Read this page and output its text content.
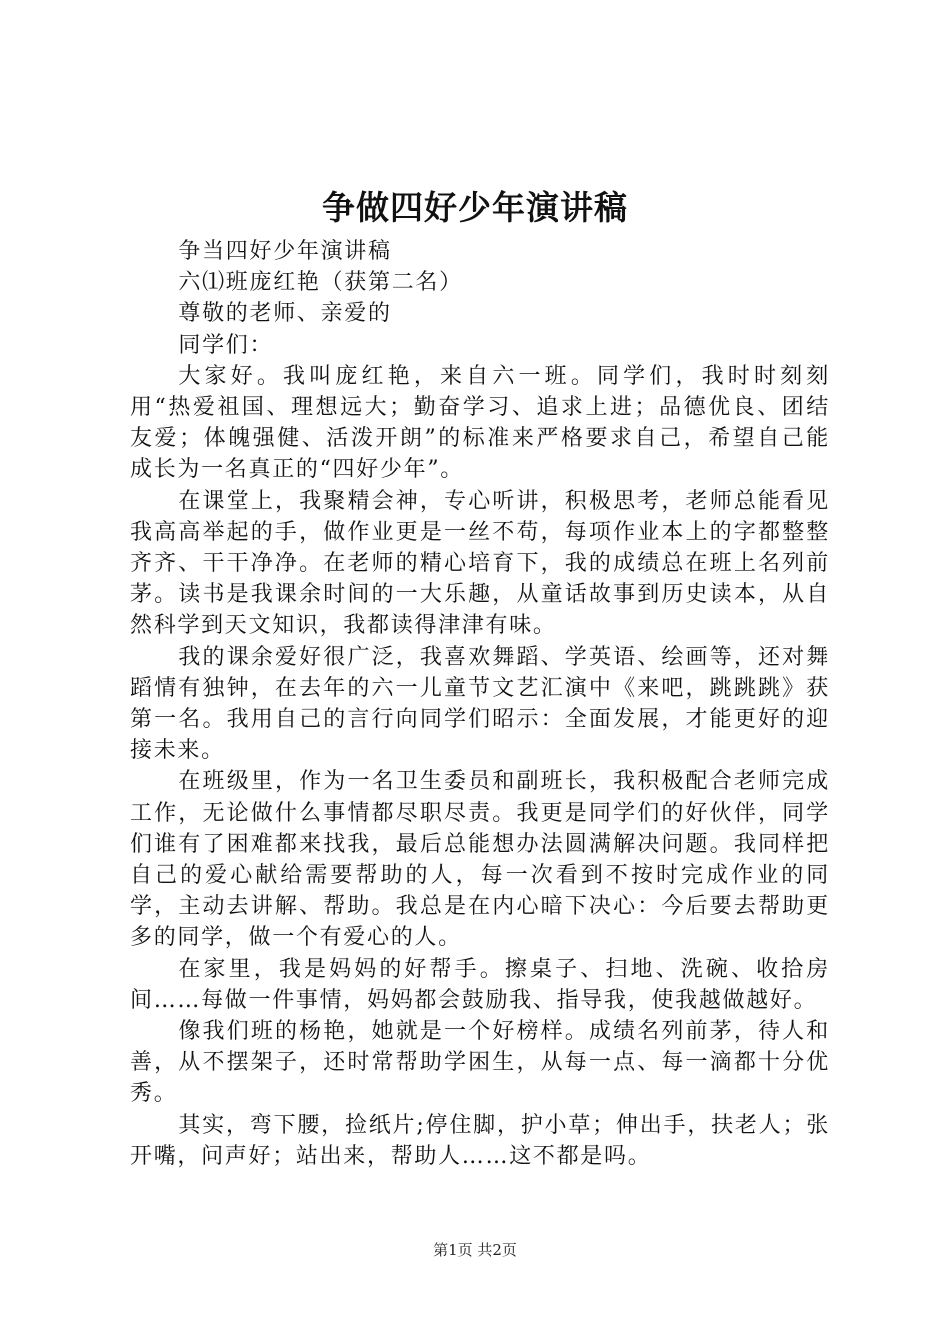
争做四好少年演讲稿

争当四好少年演讲稿

六⑴班庞红艳（获第二名）

尊敬的老师、亲爱的

同学们：

大家好。我叫庞红艳，来自六一班。同学们，我时时刻刻用“热爱祖国、理想远大；勤奋学习、追求上进；品德优良、团结友爱；体魄强健、活泼开朗”的标准来严格要求自己，希望自己能成长为一名真正的“四好少年”。

在课堂上，我聚精会神，专心听讲，积极思考，老师总能看见我高高举起的手，做作业更是一丝不苟，每项作业本上的字都整整齐齐、干干净净。在老师的精心培育下，我的成绩总在班上名列前茅。读书是我课余时间的一大乐趣，从童话故事到历史读本，从自然科学到天文知识，我都读得津津有味。

我的课余爱好很广泛，我喜欢舞蹈、学英语、绘画等，还对舞蹈情有独钟，在去年的六一儿童节文艺汇演中《来吧，跳跳跳》获第一名。我用自己的言行向同学们昭示：全面发展，才能更好的迎接未来。

在班级里，作为一名卫生委员和副班长，我积极配合老师完成工作，无论做什么事情都尽职尽责。我更是同学们的好伙伴，同学们谁有了困难都来找我，最后总能想办法圆满解决问题。我同样把自己的爱心献给需要帮助的人，每一次看到不按时完成作业的同学，主动去讲解、帮助。我总是在内心暗下决心：今后要去帮助更多的同学，做一个有爱心的人。

在家里，我是妈妈的好帮手。擦桌子、扫地、洗碗、收拾房间……每做一件事情，妈妈都会鼓励我、指导我，使我越做越好。

像我们班的杨艳，她就是一个好榜样。成绩名列前茅，待人和善，从不摆架子，还时常帮助学困生，从每一点、每一滴都十分优秀。

其实，弯下腰，捡纸片;停住脚，护小草；伸出手，扶老人；张开嘴，问声好；站出来，帮助人……这不都是吗。

第1页 共2页
